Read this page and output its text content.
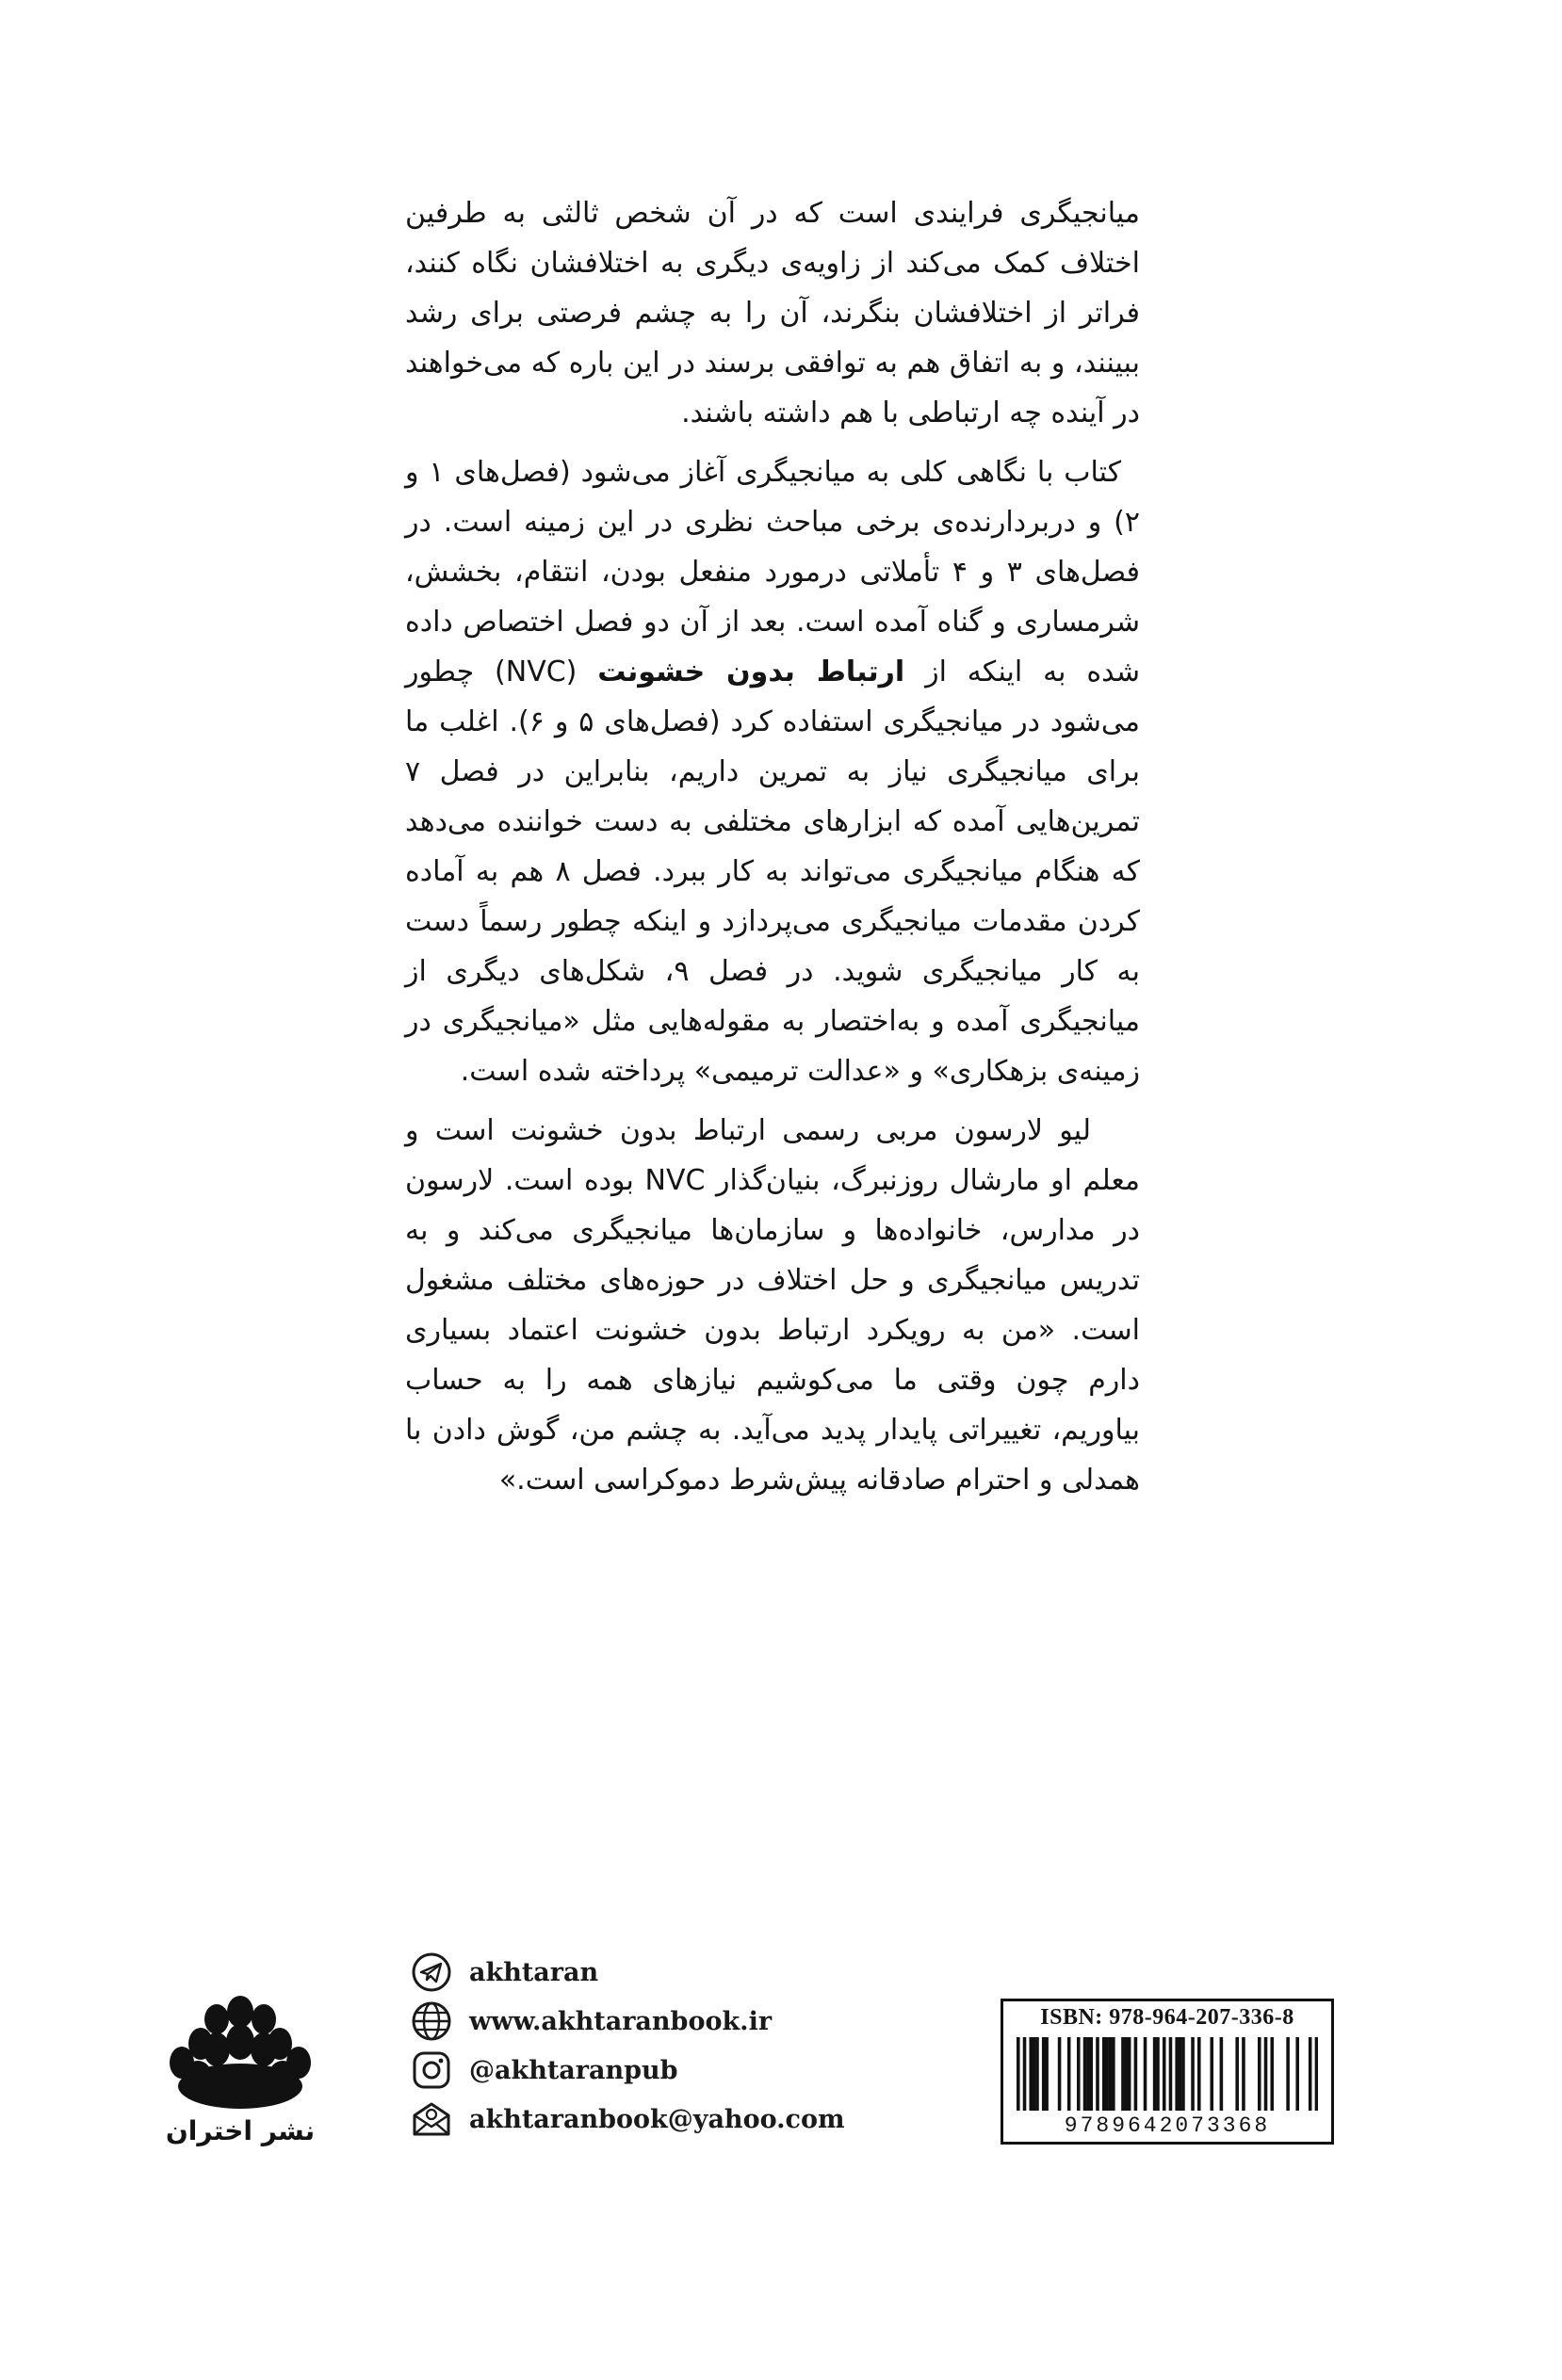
میانجیگری فرایندی است که در آن شخص ثالثی به طرفین اختلاف کمک می‌کند از زاویه‌ی دیگری به اختلافشان نگاه کنند، فراتر از اختلافشان بنگرند، آن را به چشم فرصتی برای رشد ببینند، و به اتفاق هم به توافقی برسند در این باره که می‌خواهند در آینده چه ارتباطی با هم داشته باشند.

کتاب با نگاهی کلی به میانجیگری آغاز می‌شود (فصل‌های ۱ و ۲) و دربردارنده‌ی برخی مباحث نظری در این زمینه است. در فصل‌های ۳ و ۴ تأملاتی درمورد منفعل بودن، انتقام، بخشش، شرمساری و گناه آمده است. بعد از آن دو فصل اختصاص داده شده به اینکه از ارتباط بدون خشونت (NVC) چطور می‌شود در میانجیگری استفاده کرد (فصل‌های ۵ و ۶). اغلب ما برای میانجیگری نیاز به تمرین داریم، بنابراین در فصل ۷ تمرین‌هایی آمده که ابزارهای مختلفی به دست خواننده می‌دهد که هنگام میانجیگری می‌تواند به کار ببرد. فصل ۸ هم به آماده کردن مقدمات میانجیگری می‌پردازد و اینکه چطور رسماً دست به کار میانجیگری شوید. در فصل ۹، شکل‌های دیگری از میانجیگری آمده و به‌اختصار به مقوله‌هایی مثل «میانجیگری در زمینه‌ی بزهکاری» و «عدالت ترمیمی» پرداخته شده است.

لیو لارسون مربی رسمی ارتباط بدون خشونت است و معلم او مارشال روزنبرگ، بنیان‌گذار NVC بوده است. لارسون در مدارس، خانواده‌ها و سازمان‌ها میانجیگری می‌کند و به تدریس میانجیگری و حل اختلاف در حوزه‌های مختلف مشغول است. «من به رویکرد ارتباط بدون خشونت اعتماد بسیاری دارم چون وقتی ما می‌کوشیم نیازهای همه را به حساب بیاوریم، تغییراتی پایدار پدید می‌آید. به چشم من، گوش دادن با همدلی و احترام صادقانه پیش‌شرط دموکراسی است.»

akhtaran
www.akhtaranbook.ir
@akhtaranpub
akhtaranbook@yahoo.com
نشر اختران
ISBN: 978-964-207-336-8
9789642073368
